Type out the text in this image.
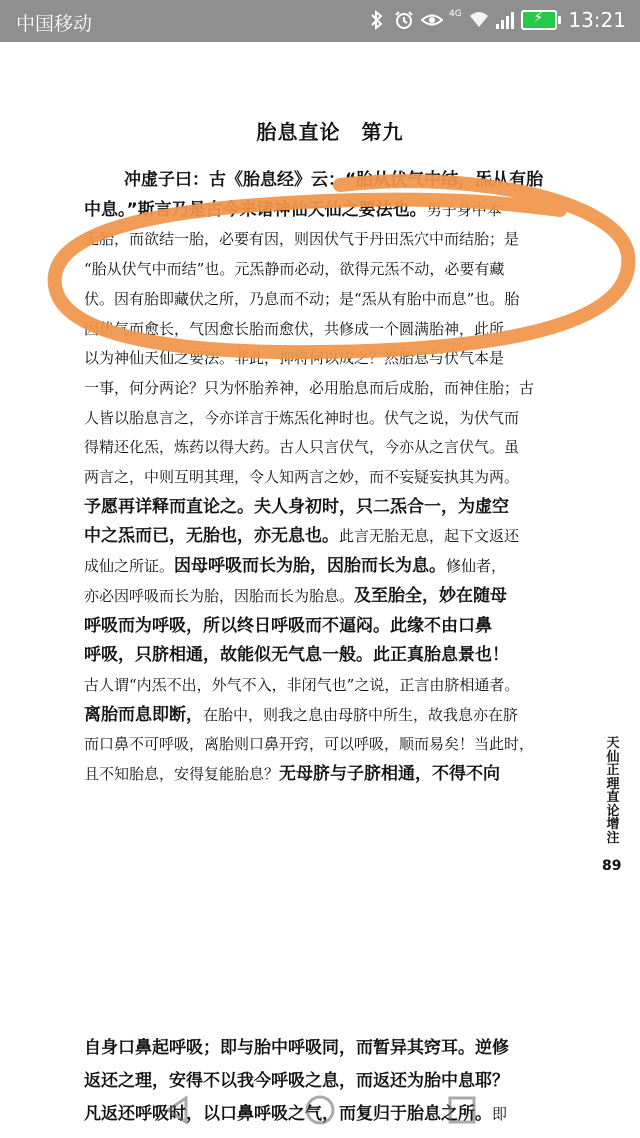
中国移动	4G	⚡ 13:21
胎息直论　第九
冲虚子曰：古《胎息经》云：“胎从伏气中结，炁从有胎
中息。”斯言乃是古今来诸神仙天仙之要法也。男子身中本
无胎，而欲结一胎，必要有因，则因伏气于丹田炁穴中而结胎；是
“胎从伏气中而结”也。元炁静而必动，欲得元炁不动，必要有藏
伏。因有胎即藏伏之所，乃息而不动；是“炁从有胎中而息”也。胎
因伏气而愈长，气因愈长胎而愈伏，共修成一个圆满胎神，此所
以为神仙天仙之要法。非此，抑将何以成之？然胎息与伏气本是
一事，何分两论？只为怀胎养神，必用胎息而后成胎，而神住胎；古
人皆以胎息言之，今亦详言于炼炁化神时也。伏气之说，为伏气而
得精还化炁，炼药以得大药。古人只言伏气，今亦从之言伏气。虽
两言之，中则互明其理，令人知两言之妙，而不妄疑妄执其为两。
予愿再详释而直论之。夫人身初时，只二炁合一，为虚空
中之炁而已，无胎也，亦无息也。此言无胎无息，起下文返还
成仙之所证。因母呼吸而长为胎，因胎而长为息。修仙者，
亦必因呼吸而长为胎，因胎而长为胎息。及至胎全，妙在随母
呼吸而为呼吸，所以终日呼吸而不逼闷。此缘不由口鼻
呼吸，只脐相通，故能似无气息一般。此正真胎息景也！
古人谓“内炁不出，外气不入，非闭气也”之说，正言由脐相通者。
离胎而息即断，在胎中，则我之息由母脐中所生，故我息亦在脐
而口鼻不可呼吸，离胎则口鼻开窍，可以呼吸，顺而易矣！当此时，
且不知胎息，安得复能胎息？无母脐与子脐相通，不得不向
自身口鼻起呼吸；即与胎中呼吸同，而暂异其窍耳。逆修
返还之理，安得不以我今呼吸之息，而返还为胎中息耶？
凡返还呼吸时，以口鼻呼吸之气，而复归于胎息之所。即
天仙正理直论增注
89
